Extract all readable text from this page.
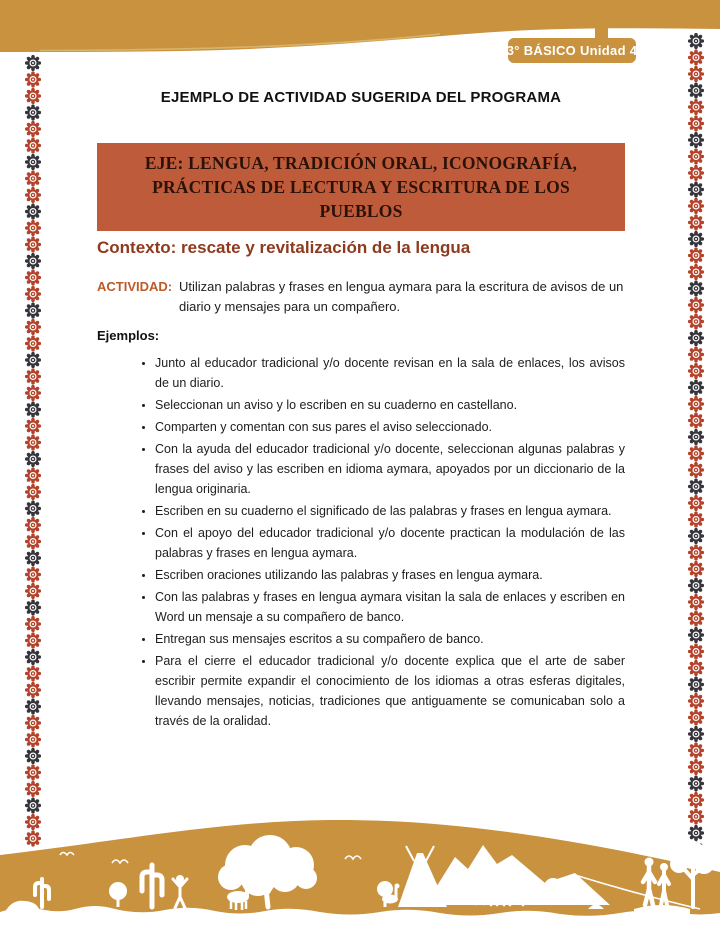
3° BÁSICO Unidad 4
EJEMPLO DE ACTIVIDAD SUGERIDA DEL PROGRAMA
EJE: LENGUA, TRADICIÓN ORAL, ICONOGRAFÍA,
PRÁCTICAS DE LECTURA Y ESCRITURA DE LOS PUEBLOS
Contexto: rescate y revitalización de la lengua
ACTIVIDAD: Utilizan palabras y frases en lengua aymara para la escritura de avisos de un diario y mensajes para un compañero.
Ejemplos:
• Junto al educador tradicional y/o docente revisan en la sala de enlaces, los avisos de un diario.
• Seleccionan un aviso y lo escriben en su cuaderno en castellano.
• Comparten y comentan con sus pares el aviso seleccionado.
• Con la ayuda del educador tradicional y/o docente, seleccionan algunas palabras y frases del aviso y las escriben en idioma aymara, apoyados por un diccionario de la lengua originaria.
• Escriben en su cuaderno el significado de las palabras y frases en lengua aymara.
• Con el apoyo del educador tradicional y/o docente practican la modulación de las palabras y frases en lengua aymara.
• Escriben oraciones utilizando las palabras y frases en lengua aymara.
• Con las palabras y frases en lengua aymara visitan la sala de enlaces y escriben en Word un mensaje a su compañero de banco.
• Entregan sus mensajes escritos a su compañero de banco.
• Para el cierre el educador tradicional y/o docente explica que el arte de saber escribir permite expandir el conocimiento de los idiomas a otras esferas digitales, llevando mensajes, noticias, tradiciones que antiguamente se comunicaban solo a través de la oralidad.
